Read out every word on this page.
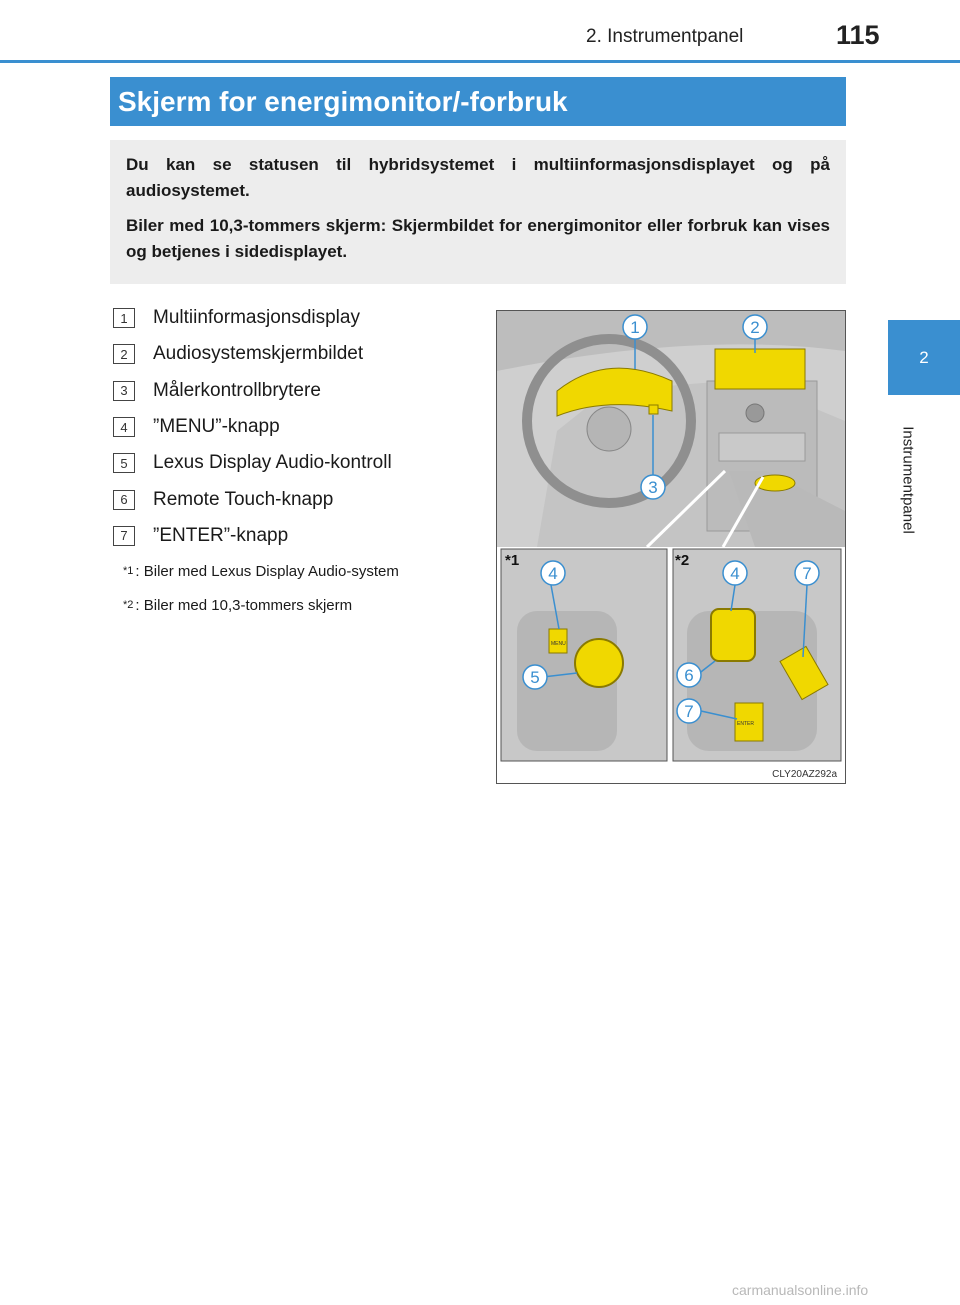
2. Instrumentpanel	115
2
Instrumentpanel
Skjerm for energimonitor/-forbruk

Du kan se statusen til hybridsystemet i multiinformasjonsdisplayet og på audiosystemet.

Biler med 10,3-tommers skjerm: Skjermbildet for energimonitor eller forbruk kan vises og betjenes i sidedisplayet.

1	Multiinformasjonsdisplay
2	Audiosystemskjermbildet
3	Målerkontrollbrytere
4	”MENU”-knapp
5	Lexus Display Audio-kontroll
6	Remote Touch-knapp
7	”ENTER”-knapp
*1 : Biler med Lexus Display Audio-system
*2 : Biler med 10,3-tommers skjerm
1	2
3
4
5
4	7
6
7
*1	*2
MENU
ENTER
CLY20AZ292a
carmanualsonline.info
